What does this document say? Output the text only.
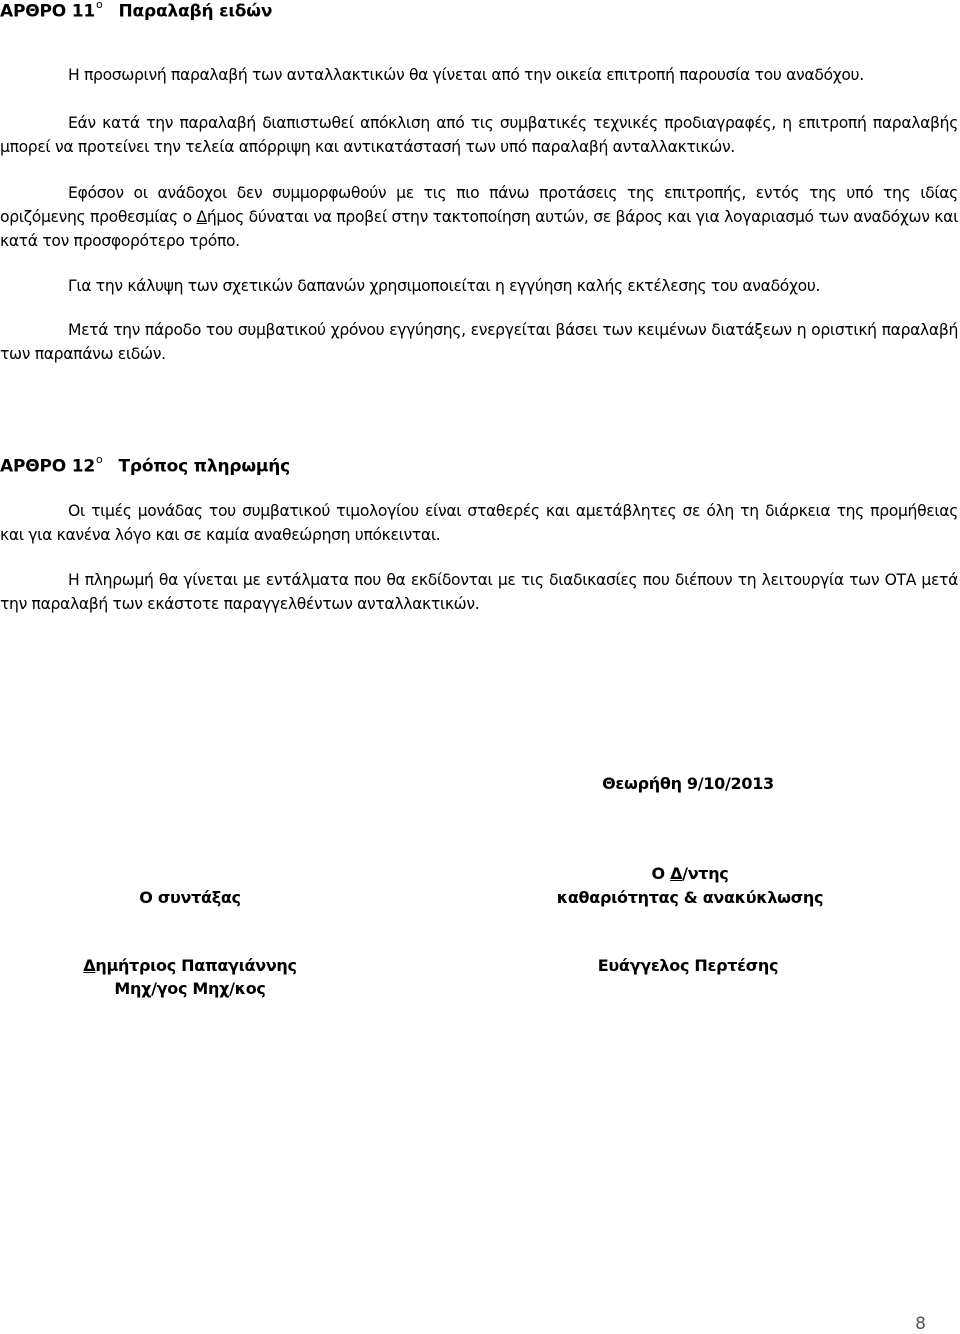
ΑΡΘΡΟ $11^o$ Παραλαβή ειδών
Η προσωρινή παραλαβή των ανταλλακτικών θα γίνεται από την οικεία επιτροπή παρουσία του αναδόχου.
Εάν κατά την παραλαβή διαπιστωθεί απόκλιση από τις συμβατικές τεχνικές προδιαγραφές, η επιτροπή παραλαβής μπορεί να προτείνει την τελεία απόρριψη και αντικατάστασή των υπό παραλαβή ανταλλακτικών.
Εφόσον οι ανάδοχοι δεν συμμορφωθούν με τις πιο πάνω προτάσεις της επιτροπής, εντός της υπό της ιδίας οριζόμενης προθεσμίας ο Δήμος δύναται να προβεί στην τακτοποίηση αυτών, σε βάρος και για λογαριασμό των αναδόχων και κατά τον προσφορότερο τρόπο.
Για την κάλυψη των σχετικών δαπανών χρησιμοποιείται η εγγύηση καλής εκτέλεσης του αναδόχου.
Μετά την πάροδο του συμβατικού χρόνου εγγύησης, ενεργείται βάσει των κειμένων διατάξεων η οριστική παραλαβή των παραπάνω ειδών.
ΑΡΘΡΟ $12^o$ Τρόπος πληρωμής
Οι τιμές μονάδας του συμβατικού τιμολογίου είναι σταθερές και αμετάβλητες σε όλη τη διάρκεια της προμήθειας και για κανένα λόγο και σε καμία αναθεώρηση υπόκεινται.
Η πληρωμή θα γίνεται με εντάλματα που θα εκδίδονται με τις διαδικασίες που διέπουν τη λειτουργία των ΟΤΑ μετά την παραλαβή των εκάστοτε παραγγελθέντων ανταλλακτικών.
Θεωρήθη 9/10/2013
Ο συντάξας
Ο Δ/ντης
καθαριότητας & ανακύκλωσης
Δημήτριος Παπαγιάννης
Μηχ/γος Μηχ/κος
Ευάγγελος Περτέσης
8
